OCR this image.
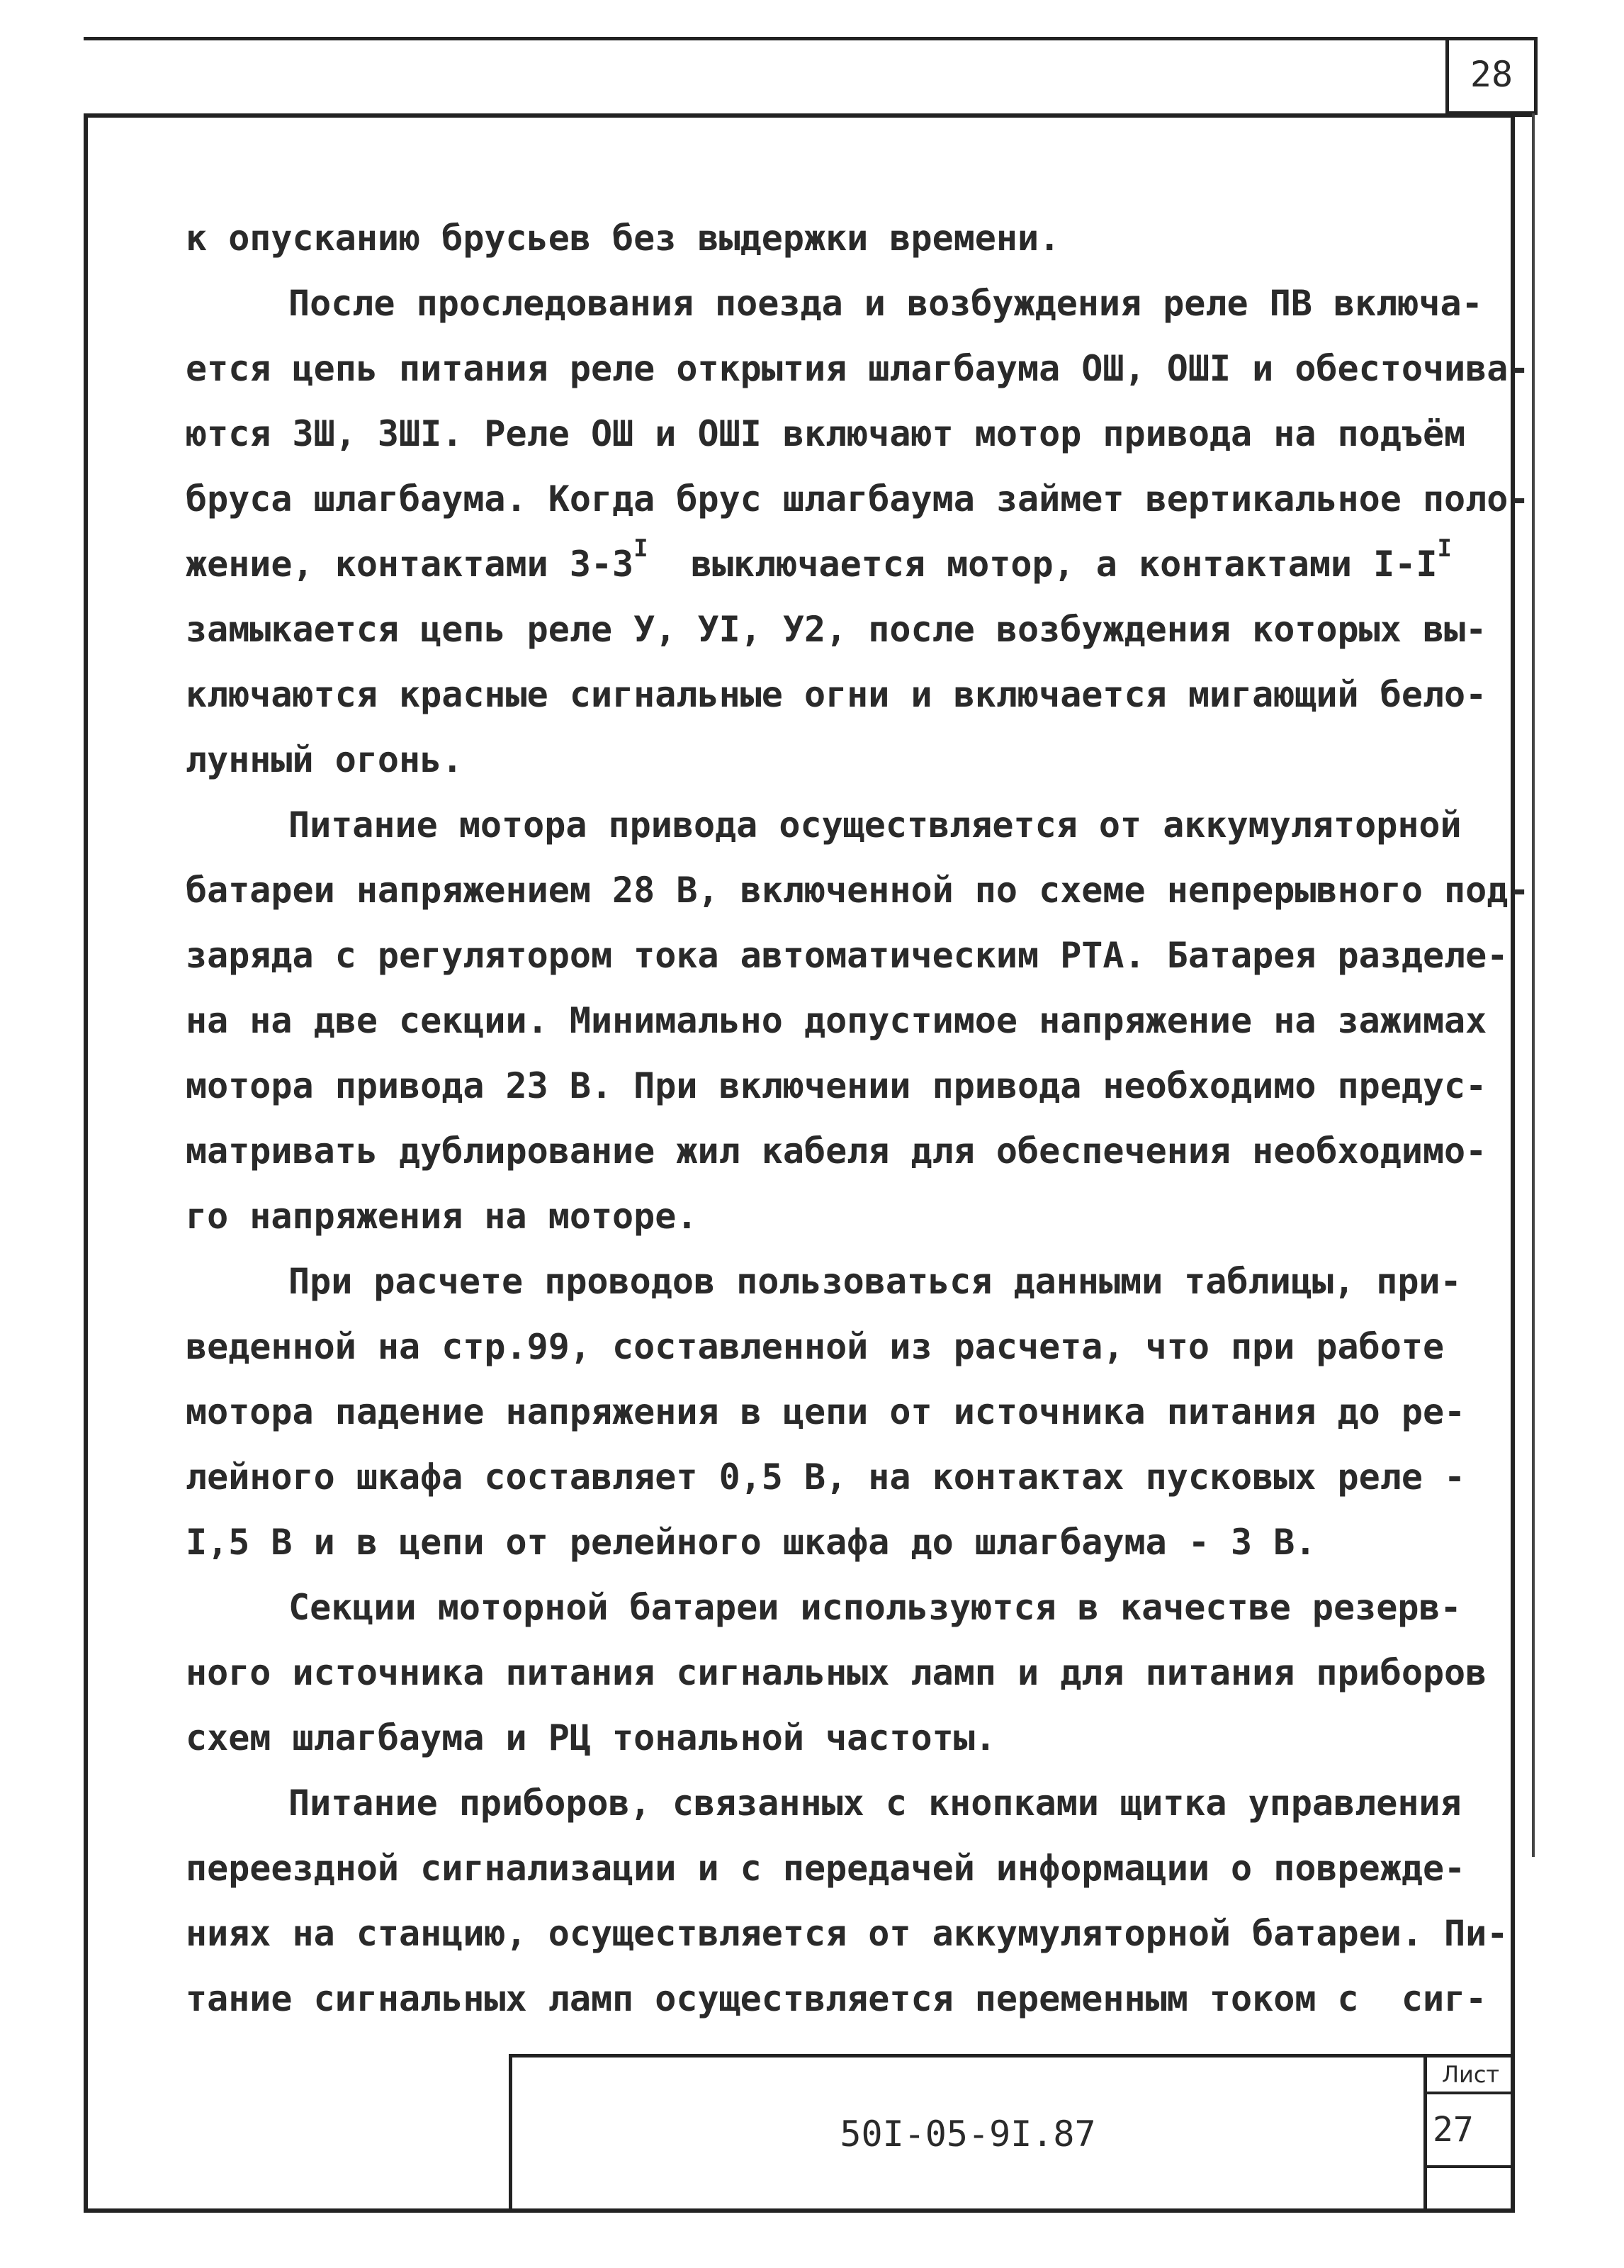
28
к опусканию брусьев без выдержки времени.
После проследования поезда и возбуждения реле ПВ включа-
ется цепь питания реле открытия шлагбаума ОШ, ОШI и обесточива-
ются ЗШ, ЗШI. Реле ОШ и ОШI включают мотор привода на подъём
бруса шлагбаума. Когда брус шлагбаума займет вертикальное поло-
жение, контактами $3-3^I$  выключается мотор, а контактами $I-I^I$
замыкается цепь реле У, УI, У2, после возбуждения которых вы-
ключаются красные сигнальные огни и включается мигающий бело-
лунный огонь.
Питание мотора привода осуществляется от аккумуляторной
батареи напряжением 28 В, включенной по схеме непрерывного под-
заряда с регулятором тока автоматическим РТА. Батарея разделе-
на на две секции. Минимально допустимое напряжение на зажимах
мотора привода 23 В. При включении привода необходимо предус-
матривать дублирование жил кабеля для обеспечения необходимо-
го напряжения на моторе.
При расчете проводов пользоваться данными таблицы, при-
веденной на стр.99, составленной из расчета, что при работе
мотора падение напряжения в цепи от источника питания до ре-
лейного шкафа составляет 0,5 В, на контактах пусковых реле -
I,5 В и в цепи от релейного шкафа до шлагбаума - 3 В.
Секции моторной батареи используются в качестве резерв-
ного источника питания сигнальных ламп и для питания приборов
схем шлагбаума и РЦ тональной частоты.
Питание приборов, связанных с кнопками щитка управления
переездной сигнализации и с передачей информации о поврежде-
ниях на станцию, осуществляется от аккумуляторной батареи. Пи-
тание сигнальных ламп осуществляется переменным током с  сиг-
50I-05-9I.87
Лист
27
